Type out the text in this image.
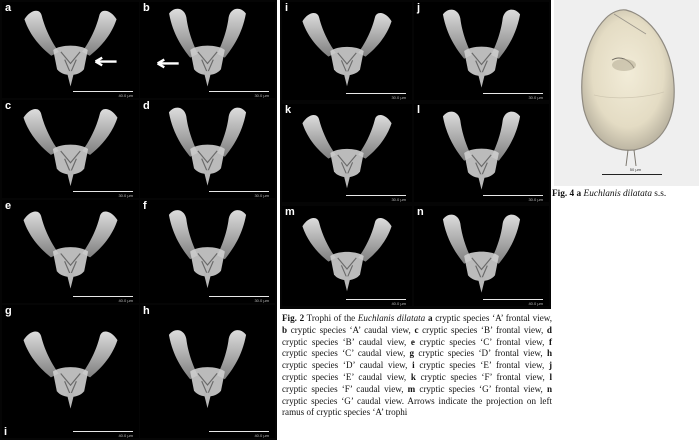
a
40.0 µm
b
30.0 µm
c
30.0 µm
d
30.0 µm
e
40.0 µm
f
30.0 µm
g
40.0 µm
h
40.0 µm
i
i
30.0 µm
j
30.0 µm
k
30.0 µm
l
30.0 µm
m
40.0 µm
n
40.0 µm
Fig. 2 Trophi of the Euchlanis dilatata a cryptic species ‘A’ frontal view, b cryptic species ‘A’ caudal view, c cryptic species ‘B’ frontal view, d cryptic species ‘B’ caudal view, e cryptic species ‘C’ frontal view, f cryptic species ‘C’ caudal view, g cryptic species ‘D’ frontal view, h cryptic species ‘D’ caudal view, i cryptic species ‘E’ frontal view, j cryptic species ‘E’ caudal view, k cryptic species ‘F’ frontal view, l cryptic species ‘F’ caudal view, m cryptic species ‘G’ frontal view, n cryptic species ‘G’ caudal view. Arrows indicate the projection on left ramus of cryptic species ‘A’ trophi
50 µm
Fig. 4 a Euchlanis dilatata s.s.
